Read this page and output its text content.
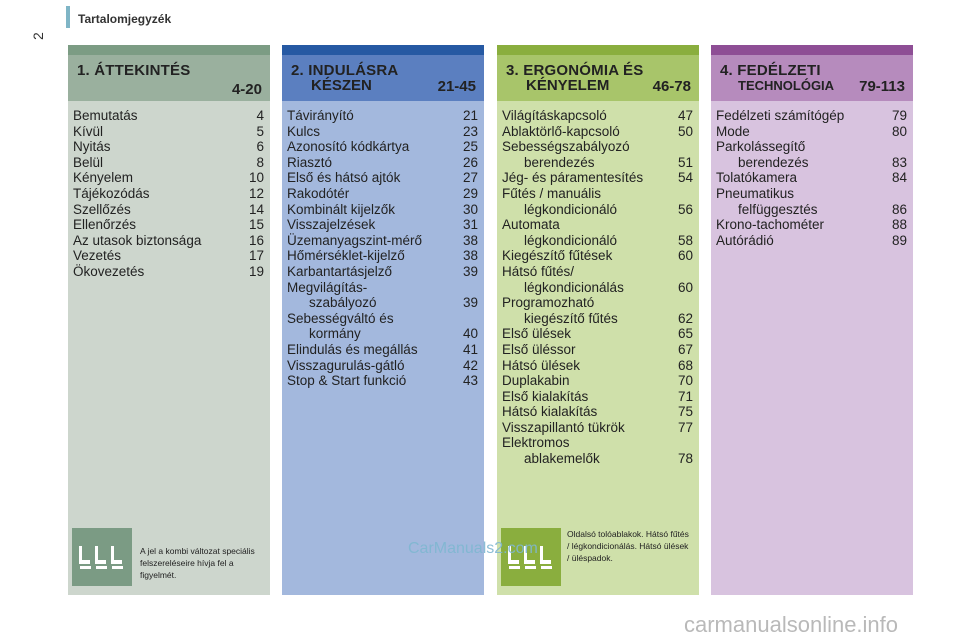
2
Tartalomjegyzék
1. ÁTTEKINTÉS
4-20
Bemutatás	4
Kívül	5
Nyitás	6
Belül	8
Kényelem	10
Tájékozódás	12
Szellőzés	14
Ellenőrzés	15
Az utasok biztonsága	16
Vezetés	17
Ökovezetés	19
A jel a kombi változat speciális felszereléseire hívja fel a figyelmét.
2. INDULÁSRA
KÉSZEN	21-45
Távirányító	21
Kulcs	23
Azonosító kódkártya	25
Riasztó	26
Első és hátsó ajtók	27
Rakodótér	29
Kombinált kijelzők	30
Visszajelzések	31
Üzemanyagszint-mérő	38
Hőmérséklet-kijelző	38
Karbantartásjelző	39
Megvilágítás-
szabályozó	39
Sebességváltó és
kormány	40
Elindulás és megállás	41
Visszagurulás-gátló	42
Stop & Start funkció	43
3. ERGONÓMIA ÉS
KÉNYELEM	46-78
Világításkapcsoló	47
Ablaktörlő-kapcsoló	50
Sebességszabályozó
berendezés	51
Jég- és páramentesítés	54
Fűtés / manuális
légkondicionáló	56
Automata
légkondicionáló	58
Kiegészítő fűtések	60
Hátsó fűtés/
légkondicionálás	60
Programozható
kiegészítő fűtés	62
Első ülések	65
Első üléssor	67
Hátsó ülések	68
Duplakabin	70
Első kialakítás	71
Hátsó kialakítás	75
Visszapillantó tükrök	77
Elektromos
ablakemelők	78
Oldalsó tolóablakok. Hátsó fűtés / légkondicionálás. Hátsó ülések / üléspadok.
4. FEDÉLZETI
TECHNOLÓGIA	79-113
Fedélzeti számítógép	79
Mode	80
Parkolássegítő
berendezés	83
Tolatókamera	84
Pneumatikus
felfüggesztés	86
Krono-tachométer	88
Autórádió	89
CarManuals2.com
carmanualsonline.info
